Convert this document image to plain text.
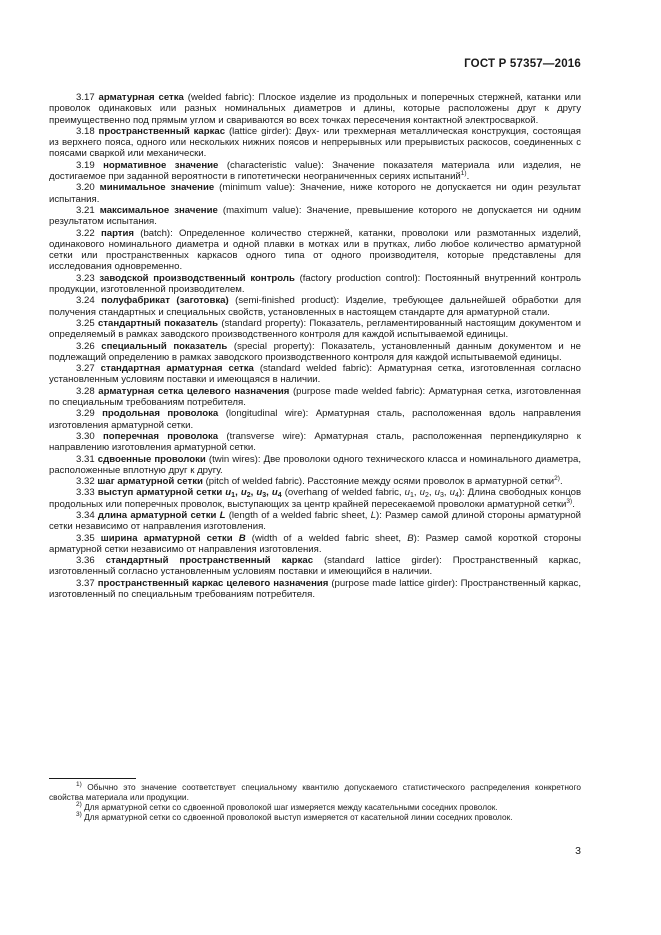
ГОСТ Р 57357—2016

3.17 арматурная сетка (welded fabric): Плоское изделие из продольных и поперечных стержней, катанки или проволок одинаковых или разных номинальных диаметров и длины, которые расположены друг к другу преимущественно под прямым углом и свариваются во всех точках пересечения контактной электросваркой.

3.18 пространственный каркас (lattice girder): Двух- или трехмерная металлическая конструкция, состоящая из верхнего пояса, одного или нескольких нижних поясов и непрерывных или прерывистых раскосов, соединенных с поясами сваркой или механически.

3.19 нормативное значение (characteristic value): Значение показателя материала или изделия, не достигаемое при заданной вероятности в гипотетически неограниченных сериях испытаний$^{1)}$.

3.20 минимальное значение (minimum value): Значение, ниже которого не допускается ни один результат испытания.

3.21 максимальное значение (maximum value): Значение, превышение которого не допускается ни одним результатом испытания.

3.22 партия (batch): Определенное количество стержней, катанки, проволоки или размотанных изделий, одинакового номинального диаметра и одной плавки в мотках или в прутках, либо любое количество арматурной сетки или пространственных каркасов одного типа от одного производителя, которые представлены для исследования одновременно.

3.23 заводской производственный контроль (factory production control): Постоянный внутренний контроль продукции, изготовленной производителем.

3.24 полуфабрикат (заготовка) (semi-finished product): Изделие, требующее дальнейшей обработки для получения стандартных и специальных свойств, установленных в настоящем стандарте для арматурной стали.

3.25 стандартный показатель (standard property): Показатель, регламентированный настоящим документом и определяемый в рамках заводского производственного контроля для каждой испытываемой единицы.

3.26 специальный показатель (special property): Показатель, установленный данным документом и не подлежащий определению в рамках заводского производственного контроля для каждой испытываемой единицы.

3.27 стандартная арматурная сетка (standard welded fabric): Арматурная сетка, изготовленная согласно установленным условиям поставки и имеющаяся в наличии.

3.28 арматурная сетка целевого назначения (purpose made welded fabric): Арматурная сетка, изготовленная по специальным требованиям потребителя.

3.29 продольная проволока (longitudinal wire): Арматурная сталь, расположенная вдоль направления изготовления арматурной сетки.

3.30 поперечная проволока (transverse wire): Арматурная сталь, расположенная перпендикулярно к направлению изготовления арматурной сетки.

3.31 сдвоенные проволоки (twin wires): Две проволоки одного технического класса и номинального диаметра, расположенные вплотную друг к другу.

3.32 шаг арматурной сетки (pitch of welded fabric). Расстояние между осями проволок в арматурной сетки$^{2)}$.

3.33 выступ арматурной сетки $u_1$, $u_2$, $u_3$, $u_4$ (overhang of welded fabric, $u_1$, $u_2$, $u_3$, $u_4$): Длина свободных концов продольных или поперечных проволок, выступающих за центр крайней пересекаемой проволоки арматурной сетки$^{3)}$.

3.34 длина арматурной сетки L (length of a welded fabric sheet, L): Размер самой длиной стороны арматурной сетки независимо от направления изготовления.

3.35 ширина арматурной сетки B (width of a welded fabric sheet, B): Размер самой короткой стороны арматурной сетки независимо от направления изготовления.

3.36 стандартный пространственный каркас (standard lattice girder): Пространственный каркас, изготовленный согласно установленным условиям поставки и имеющийся в наличии.

3.37 пространственный каркас целевого назначения (purpose made lattice girder): Пространственный каркас, изготовленный по специальным требованиям потребителя.

$^{1)}$ Обычно это значение соответствует специальному квантилю допускаемого статистического распределения конкретного свойства материала или продукции.

$^{2)}$ Для арматурной сетки со сдвоенной проволокой шаг измеряется между касательными соседних проволок.

$^{3)}$ Для арматурной сетки со сдвоенной проволокой выступ измеряется от касательной линии соседних проволок.

3
